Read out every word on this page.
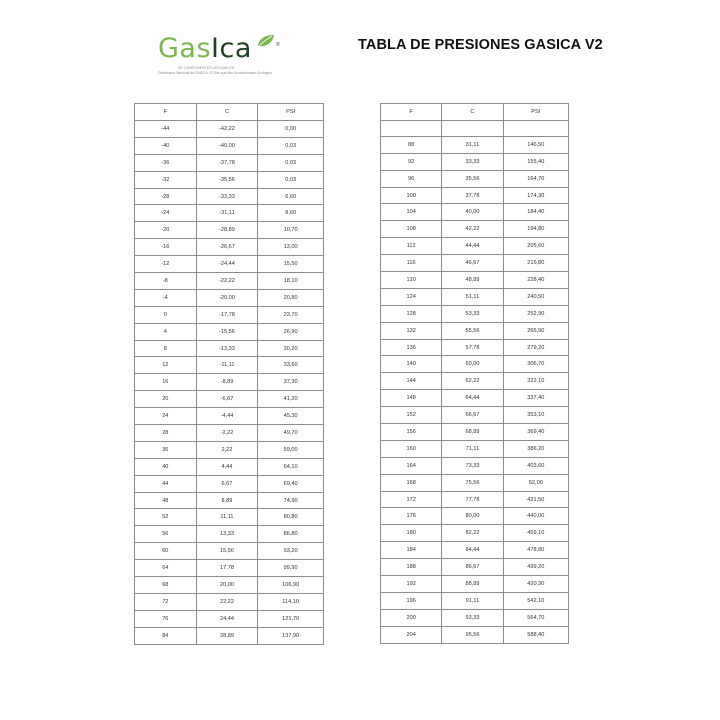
GasIca	®
DE COMPONENTES APLICABLES
Distribuidor Nacional de GASICA: El Gas que Aire Acondicionado Ecológico
TABLA DE PRESIONES GASICA V2
F	C	PSI
-44	-42,22	0,00
-40	-40,00	0,03
-36	-37,78	0,03
-32	-35,56	0,03
-28	-33,33	6,60
-24	-31,11	8,60
-20	-28,89	10,70
-16	-26,67	13,00
-12	-24,44	15,50
-8	-22,22	18,10
-4	-20,00	20,80
0	-17,78	23,70
4	-15,56	26,90
8	-13,33	30,20
12	-11,11	33,60
16	-8,89	37,30
20	-6,67	41,20
24	-4,44	45,30
28	-2,22	49,70
36	2,22	59,00
40	4,44	64,10
44	6,67	69,40
48	8,89	74,90
52	11,11	80,80
56	13,33	86,80
60	15,56	93,20
64	17,78	99,90
68	20,00	106,90
72	22,22	114,10
76	24,44	121,70
84	28,89	137,90
F	C	PSI

88	31,11	146,50
92	33,33	155,40
96	35,56	164,70
100	37,78	174,30
104	40,00	184,40
108	42,22	194,80
112	44,44	205,60
116	46,67	216,80
120	48,89	228,40
124	51,11	240,50
128	53,33	252,90
132	55,56	265,90
136	57,78	279,20
140	60,00	306,70
144	62,22	322,10
148	64,44	337,40
152	66,67	353,10
156	68,89	369,40
160	71,11	386,20
164	73,33	403,60
168	75,56	52,00
172	77,78	421,50
176	80,00	440,00
180	82,22	459,10
184	84,44	478,80
188	86,67	499,20
192	88,89	420,30
196	91,11	542,10
200	93,33	564,70
204	95,56	588,40
